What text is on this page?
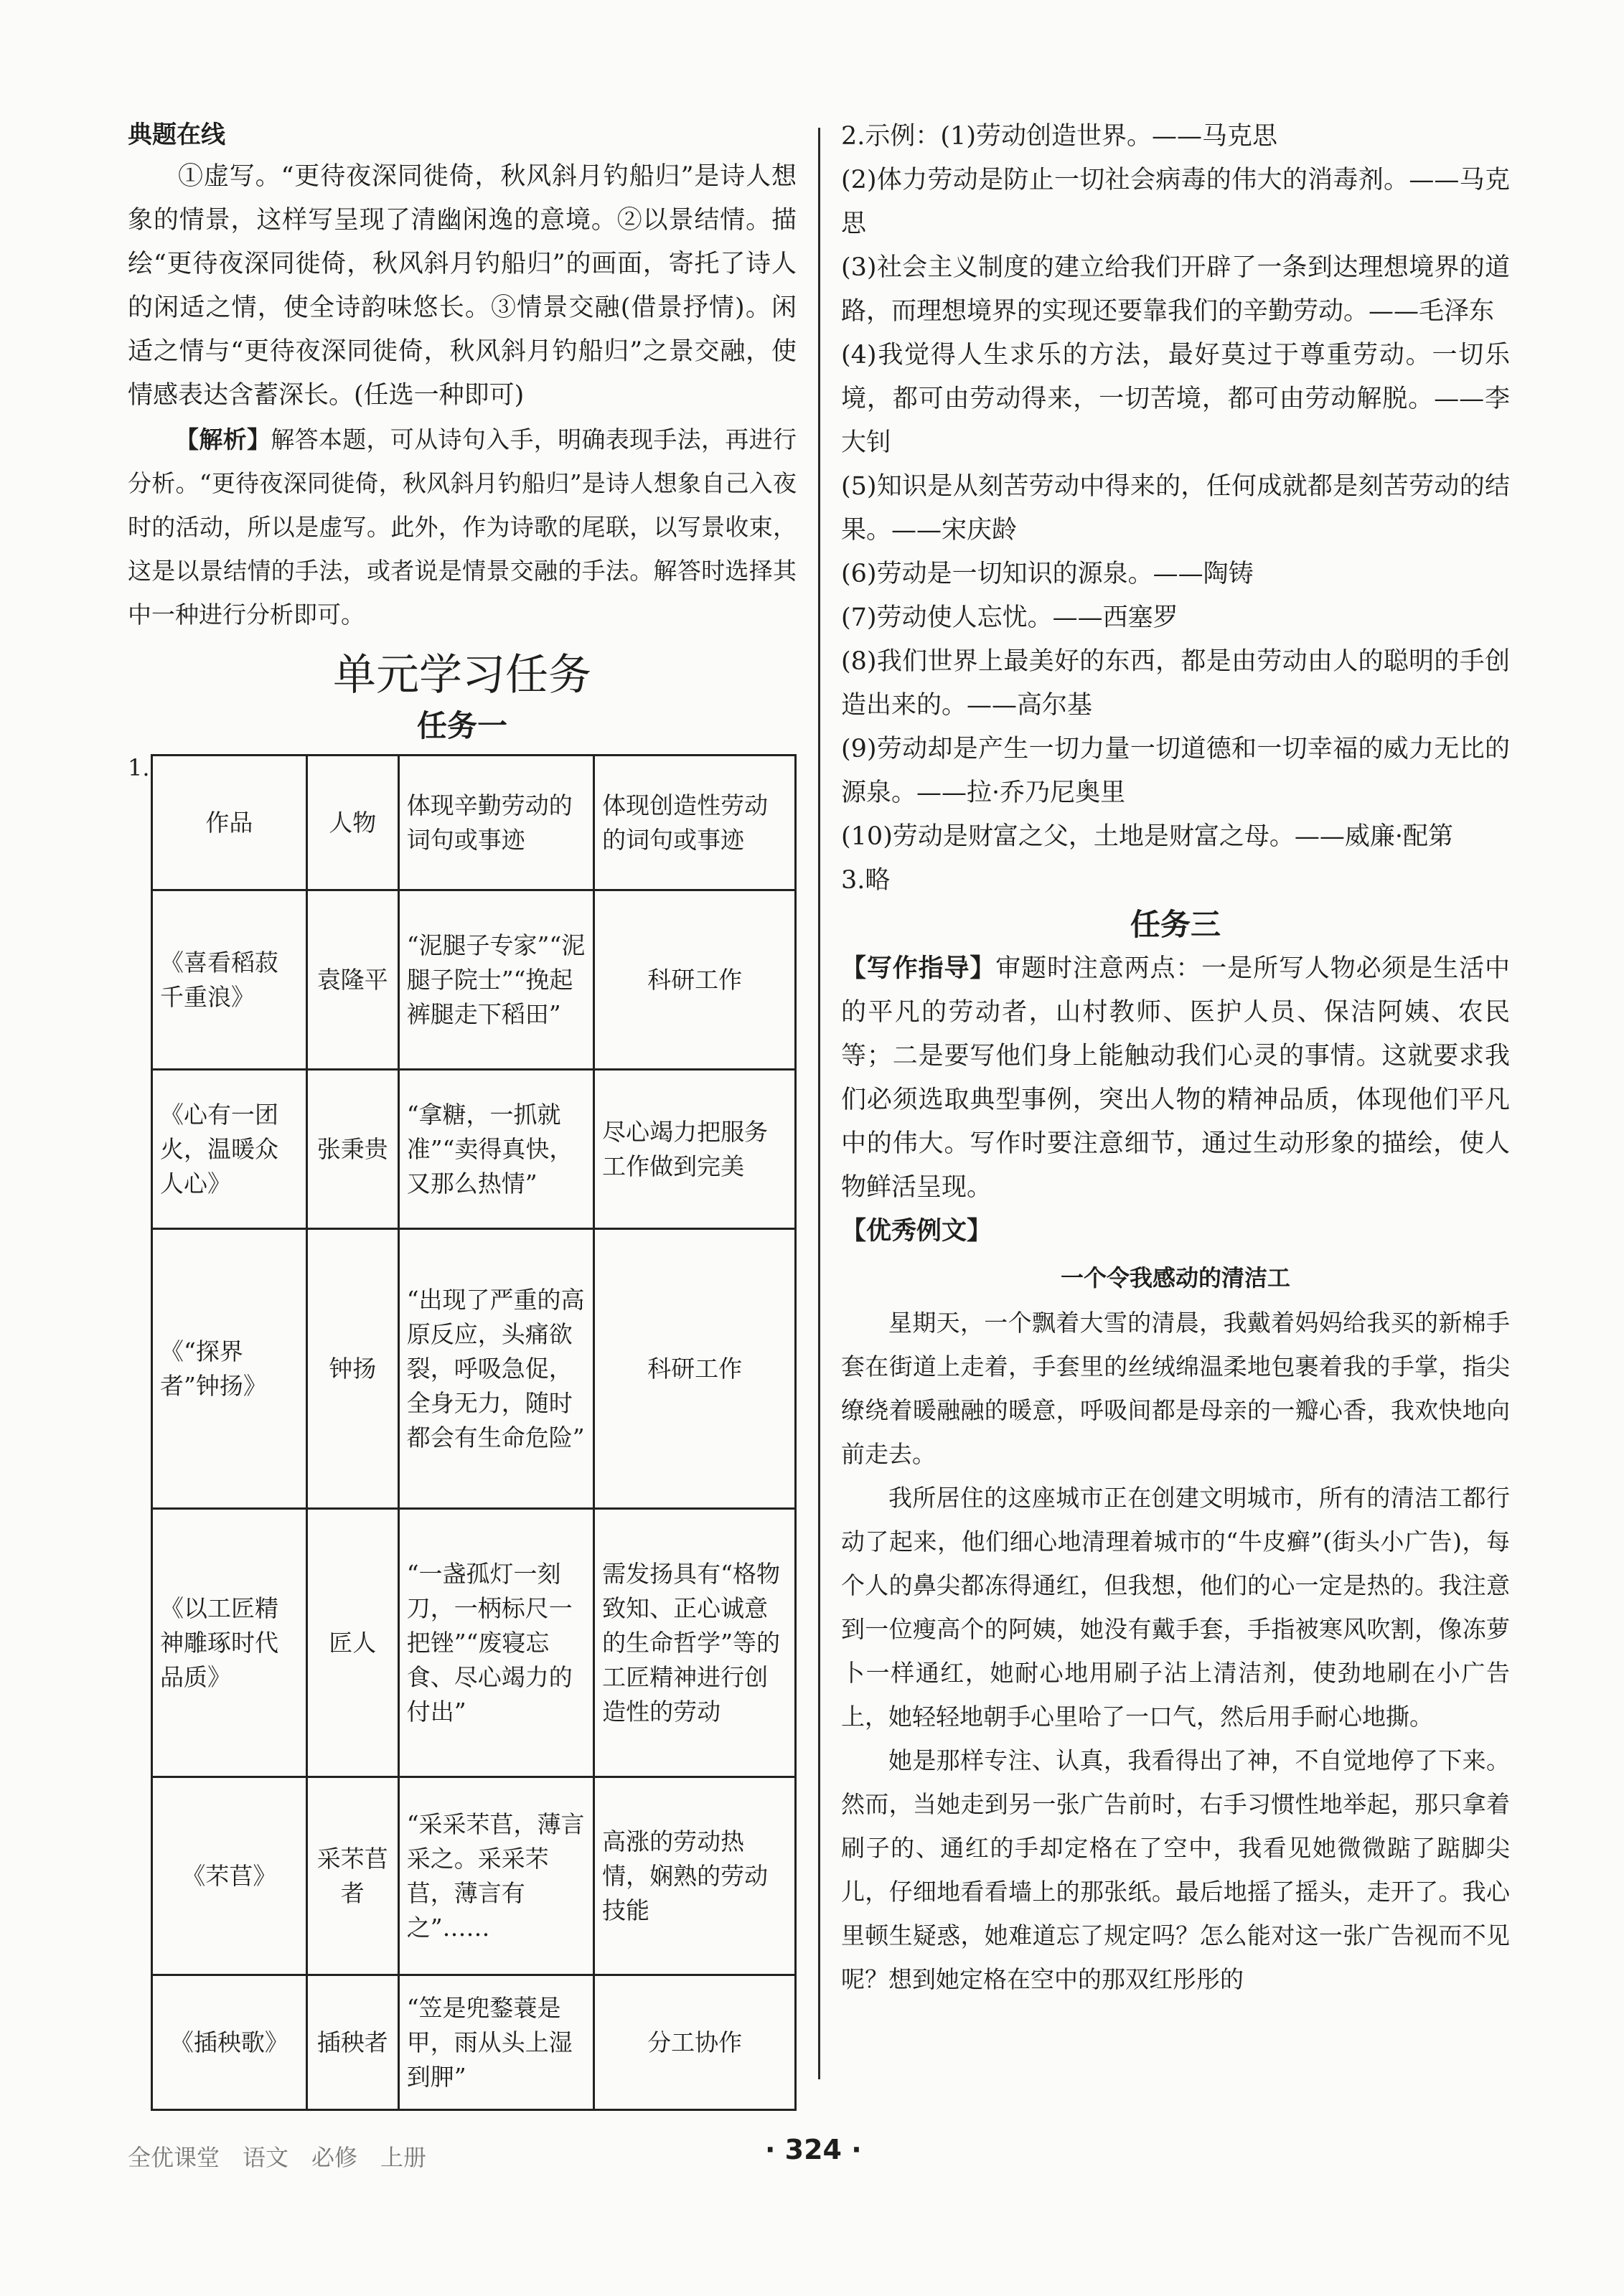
典题在线

①虚写。“更待夜深同徙倚，秋风斜月钓船归”是诗人想象的情景，这样写呈现了清幽闲逸的意境。②以景结情。描绘“更待夜深同徙倚，秋风斜月钓船归”的画面，寄托了诗人的闲适之情，使全诗韵味悠长。③情景交融(借景抒情)。闲适之情与“更待夜深同徙倚，秋风斜月钓船归”之景交融，使情感表达含蓄深长。(任选一种即可)

【解析】解答本题，可从诗句入手，明确表现手法，再进行分析。“更待夜深同徙倚，秋风斜月钓船归”是诗人想象自己入夜时的活动，所以是虚写。此外，作为诗歌的尾联，以写景收束，这是以景结情的手法，或者说是情景交融的手法。解答时选择其中一种进行分析即可。

单元学习任务
任务一
1.
作品	人物	体现辛勤劳动的词句或事迹	体现创造性劳动的词句或事迹
《喜看稻菽千重浪》	袁隆平	“泥腿子专家”“泥腿子院士”“挽起裤腿走下稻田”	科研工作
《心有一团火，温暖众人心》	张秉贵	“拿糖，一抓就准”“卖得真快，又那么热情”	尽心竭力把服务工作做到完美
《“探界者”钟扬》	钟扬	“出现了严重的高原反应，头痛欲裂，呼吸急促，全身无力，随时都会有生命危险”	科研工作
《以工匠精神雕琢时代品质》	匠人	“一盏孤灯一刻刀，一柄标尺一把锉”“废寝忘食、尽心竭力的付出”	需发扬具有“格物致知、正心诚意的生命哲学”等的工匠精神进行创造性的劳动
《芣苢》	采芣苢者	“采采芣苢，薄言采之。采采芣苢，薄言有之”……	高涨的劳动热情，娴熟的劳动技能
《插秧歌》	插秧者	“笠是兜鍪蓑是甲，雨从头上湿到胛”	分工协作

2.示例：(1)劳动创造世界。——马克思

(2)体力劳动是防止一切社会病毒的伟大的消毒剂。——马克思

(3)社会主义制度的建立给我们开辟了一条到达理想境界的道路，而理想境界的实现还要靠我们的辛勤劳动。——毛泽东

(4)我觉得人生求乐的方法，最好莫过于尊重劳动。一切乐境，都可由劳动得来，一切苦境，都可由劳动解脱。——李大钊

(5)知识是从刻苦劳动中得来的，任何成就都是刻苦劳动的结果。——宋庆龄

(6)劳动是一切知识的源泉。——陶铸

(7)劳动使人忘忧。——西塞罗

(8)我们世界上最美好的东西，都是由劳动由人的聪明的手创造出来的。——高尔基

(9)劳动却是产生一切力量一切道德和一切幸福的威力无比的源泉。——拉·乔乃尼奥里

(10)劳动是财富之父，土地是财富之母。——威廉·配第

3.略

任务三

【写作指导】审题时注意两点：一是所写人物必须是生活中的平凡的劳动者，山村教师、医护人员、保洁阿姨、农民等；二是要写他们身上能触动我们心灵的事情。这就要求我们必须选取典型事例，突出人物的精神品质，体现他们平凡中的伟大。写作时要注意细节，通过生动形象的描绘，使人物鲜活呈现。

【优秀例文】

一个令我感动的清洁工

星期天，一个飘着大雪的清晨，我戴着妈妈给我买的新棉手套在街道上走着，手套里的丝绒绵温柔地包裹着我的手掌，指尖缭绕着暖融融的暖意，呼吸间都是母亲的一瓣心香，我欢快地向前走去。

我所居住的这座城市正在创建文明城市，所有的清洁工都行动了起来，他们细心地清理着城市的“牛皮癣”(街头小广告)，每个人的鼻尖都冻得通红，但我想，他们的心一定是热的。我注意到一位瘦高个的阿姨，她没有戴手套，手指被寒风吹割，像冻萝卜一样通红，她耐心地用刷子沾上清洁剂，使劲地刷在小广告上，她轻轻地朝手心里哈了一口气，然后用手耐心地撕。

她是那样专注、认真，我看得出了神，不自觉地停了下来。然而，当她走到另一张广告前时，右手习惯性地举起，那只拿着刷子的、通红的手却定格在了空中，我看见她微微踮了踮脚尖儿，仔细地看看墙上的那张纸。最后地摇了摇头，走开了。我心里顿生疑惑，她难道忘了规定吗？怎么能对这一张广告视而不见呢？想到她定格在空中的那双红彤彤的

全优课堂　语文　必修　上册	· 324 ·
